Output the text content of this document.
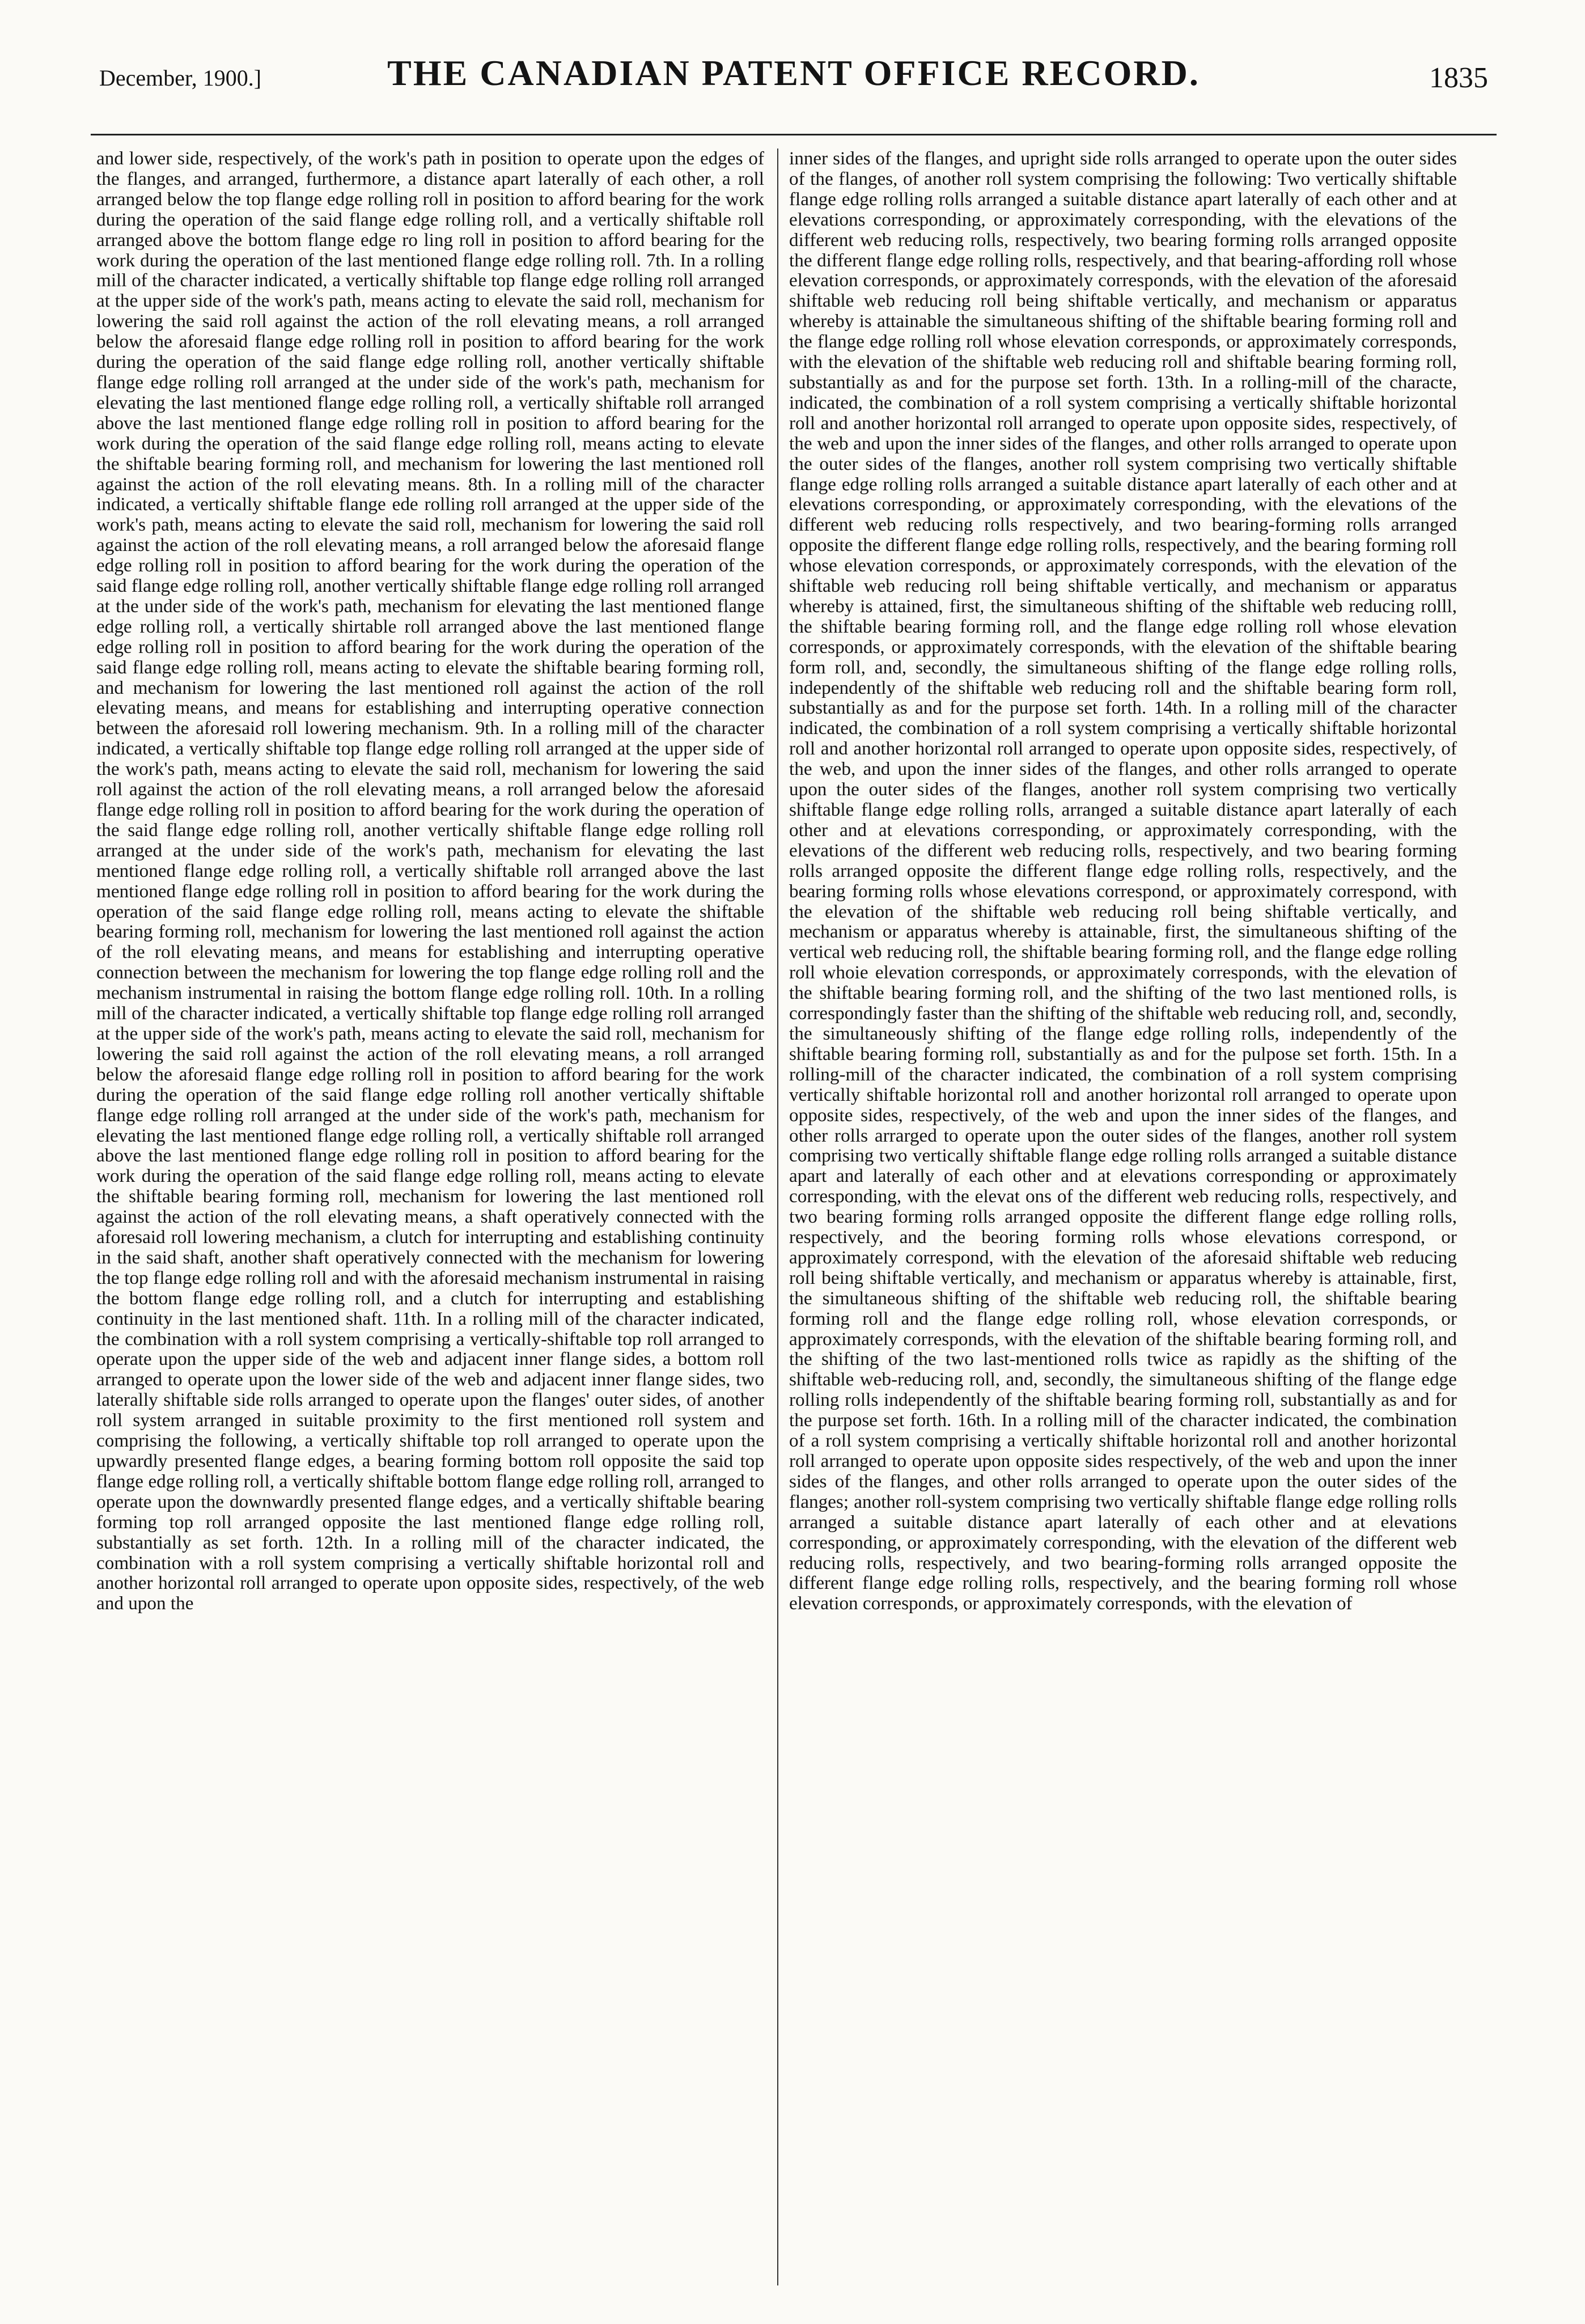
December, 1900.]	THE CANADIAN PATENT OFFICE RECORD.	1835

and lower side, respectively, of the work's path in position to operate upon the edges of the flanges, and arranged, furthermore, a distance apart laterally of each other, a roll arranged below the top flange edge rolling roll in position to afford bearing for the work during the operation of the said flange edge rolling roll, and a vertically shiftable roll arranged above the bottom flange edge ro ling roll in position to afford bearing for the work during the operation of the last mentioned flange edge rolling roll. 7th. In a rolling mill of the character indicated, a vertically shiftable top flange edge rolling roll arranged at the upper side of the work's path, means acting to elevate the said roll, mechanism for lowering the said roll against the action of the roll elevating means, a roll arranged below the aforesaid flange edge rolling roll in position to afford bearing for the work during the operation of the said flange edge rolling roll, another vertically shiftable flange edge rolling roll arranged at the under side of the work's path, mechanism for elevating the last mentioned flange edge rolling roll, a vertically shiftable roll arranged above the last mentioned flange edge rolling roll in position to afford bearing for the work during the operation of the said flange edge rolling roll, means acting to elevate the shiftable bearing forming roll, and mechanism for lowering the last mentioned roll against the action of the roll elevating means. 8th. In a rolling mill of the character indicated, a vertically shiftable flange ede rolling roll arranged at the upper side of the work's path, means acting to elevate the said roll, mechanism for lowering the said roll against the action of the roll elevating means, a roll arranged below the aforesaid flange edge rolling roll in position to afford bearing for the work during the operation of the said flange edge rolling roll, another vertically shiftable flange edge rolling roll arranged at the under side of the work's path, mechanism for elevating the last mentioned flange edge rolling roll, a vertically shirtable roll arranged above the last mentioned flange edge rolling roll in position to afford bearing for the work during the operation of the said flange edge rolling roll, means acting to elevate the shiftable bearing forming roll, and mechanism for lowering the last mentioned roll against the action of the roll elevating means, and means for establishing and interrupting operative connection between the aforesaid roll lowering mechanism. 9th. In a rolling mill of the character indicated, a vertically shiftable top flange edge rolling roll arranged at the upper side of the work's path, means acting to elevate the said roll, mechanism for lowering the said roll against the action of the roll elevating means, a roll arranged below the aforesaid flange edge rolling roll in position to afford bearing for the work during the operation of the said flange edge rolling roll, another vertically shiftable flange edge rolling roll arranged at the under side of the work's path, mechanism for elevating the last mentioned flange edge rolling roll, a vertically shiftable roll arranged above the last mentioned flange edge rolling roll in position to afford bearing for the work during the operation of the said flange edge rolling roll, means acting to elevate the shiftable bearing forming roll, mechanism for lowering the last mentioned roll against the action of the roll elevating means, and means for establishing and interrupting operative connection between the mechanism for lowering the top flange edge rolling roll and the mechanism instrumental in raising the bottom flange edge rolling roll. 10th. In a rolling mill of the character indicated, a vertically shiftable top flange edge rolling roll arranged at the upper side of the work's path, means acting to elevate the said roll, mechanism for lowering the said roll against the action of the roll elevating means, a roll arranged below the aforesaid flange edge rolling roll in position to afford bearing for the work during the operation of the said flange edge rolling roll another vertically shiftable flange edge rolling roll arranged at the under side of the work's path, mechanism for elevating the last mentioned flange edge rolling roll, a vertically shiftable roll arranged above the last mentioned flange edge rolling roll in position to afford bearing for the work during the operation of the said flange edge rolling roll, means acting to elevate the shiftable bearing forming roll, mechanism for lowering the last mentioned roll against the action of the roll elevating means, a shaft operatively connected with the aforesaid roll lowering mechanism, a clutch for interrupting and establishing continuity in the said shaft, another shaft operatively connected with the mechanism for lowering the top flange edge rolling roll and with the aforesaid mechanism instrumental in raising the bottom flange edge rolling roll, and a clutch for interrupting and establishing continuity in the last mentioned shaft. 11th. In a rolling mill of the character indicated, the combination with a roll system comprising a vertically-shiftable top roll arranged to operate upon the upper side of the web and adjacent inner flange sides, a bottom roll arranged to operate upon the lower side of the web and adjacent inner flange sides, two laterally shiftable side rolls arranged to operate upon the flanges' outer sides, of another roll system arranged in suitable proximity to the first mentioned roll system and comprising the following, a vertically shiftable top roll arranged to operate upon the upwardly presented flange edges, a bearing forming bottom roll opposite the said top flange edge rolling roll, a vertically shiftable bottom flange edge rolling roll, arranged to operate upon the downwardly presented flange edges, and a vertically shiftable bearing forming top roll arranged opposite the last mentioned flange edge rolling roll, substantially as set forth. 12th. In a rolling mill of the character indicated, the combination with a roll system comprising a vertically shiftable horizontal roll and another horizontal roll arranged to operate upon opposite sides, respectively, of the web and upon the

inner sides of the flanges, and upright side rolls arranged to operate upon the outer sides of the flanges, of another roll system comprising the following: Two vertically shiftable flange edge rolling rolls arranged a suitable distance apart laterally of each other and at elevations corresponding, or approximately corresponding, with the elevations of the different web reducing rolls, respectively, two bearing forming rolls arranged opposite the different flange edge rolling rolls, respectively, and that bearing-affording roll whose elevation corresponds, or approximately corresponds, with the elevation of the aforesaid shiftable web reducing roll being shiftable vertically, and mechanism or apparatus whereby is attainable the simultaneous shifting of the shiftable bearing forming roll and the flange edge rolling roll whose elevation corresponds, or approximately corresponds, with the elevation of the shiftable web reducing roll and shiftable bearing forming roll, substantially as and for the purpose set forth. 13th. In a rolling-mill of the characte, indicated, the combination of a roll system comprising a vertically shiftable horizontal roll and another horizontal roll arranged to operate upon opposite sides, respectively, of the web and upon the inner sides of the flanges, and other rolls arranged to operate upon the outer sides of the flanges, another roll system comprising two vertically shiftable flange edge rolling rolls arranged a suitable distance apart laterally of each other and at elevations corresponding, or approximately corresponding, with the elevations of the different web reducing rolls respectively, and two bearing-forming rolls arranged opposite the different flange edge rolling rolls, respectively, and the bearing forming roll whose elevation corresponds, or approximately corresponds, with the elevation of the shiftable web reducing roll being shiftable vertically, and mechanism or apparatus whereby is attained, first, the simultaneous shifting of the shiftable web reducing rolll, the shiftable bearing forming roll, and the flange edge rolling roll whose elevation corresponds, or approximately corresponds, with the elevation of the shiftable bearing form roll, and, secondly, the simultaneous shifting of the flange edge rolling rolls, independently of the shiftable web reducing roll and the shiftable bearing form roll, substantially as and for the purpose set forth. 14th. In a rolling mill of the character indicated, the combination of a roll system comprising a vertically shiftable horizontal roll and another horizontal roll arranged to operate upon opposite sides, respectively, of the web, and upon the inner sides of the flanges, and other rolls arranged to operate upon the outer sides of the flanges, another roll system comprising two vertically shiftable flange edge rolling rolls, arranged a suitable distance apart laterally of each other and at elevations corresponding, or approximately corresponding, with the elevations of the different web reducing rolls, respectively, and two bearing forming rolls arranged opposite the different flange edge rolling rolls, respectively, and the bearing forming rolls whose elevations correspond, or approximately correspond, with the elevation of the shiftable web reducing roll being shiftable vertically, and mechanism or apparatus whereby is attainable, first, the simultaneous shifting of the vertical web reducing roll, the shiftable bearing forming roll, and the flange edge rolling roll whoie elevation corresponds, or approximately corresponds, with the elevation of the shiftable bearing forming roll, and the shifting of the two last mentioned rolls, is correspondingly faster than the shifting of the shiftable web reducing roll, and, secondly, the simultaneously shifting of the flange edge rolling rolls, independently of the shiftable bearing forming roll, substantially as and for the pulpose set forth. 15th. In a rolling-mill of the character indicated, the combination of a roll system comprising vertically shiftable horizontal roll and another horizontal roll arranged to operate upon opposite sides, respectively, of the web and upon the inner sides of the flanges, and other rolls arrarged to operate upon the outer sides of the flanges, another roll system comprising two vertically shiftable flange edge rolling rolls arranged a suitable distance apart and laterally of each other and at elevations corresponding or approximately corresponding, with the elevat ons of the different web reducing rolls, respectively, and two bearing forming rolls arranged opposite the different flange edge rolling rolls, respectively, and the beoring forming rolls whose elevations correspond, or approximately correspond, with the elevation of the aforesaid shiftable web reducing roll being shiftable vertically, and mechanism or apparatus whereby is attainable, first, the simultaneous shifting of the shiftable web reducing roll, the shiftable bearing forming roll and the flange edge rolling roll, whose elevation corresponds, or approximately corresponds, with the elevation of the shiftable bearing forming roll, and the shifting of the two last-mentioned rolls twice as rapidly as the shifting of the shiftable web-reducing roll, and, secondly, the simultaneous shifting of the flange edge rolling rolls independently of the shiftable bearing forming roll, substantially as and for the purpose set forth. 16th. In a rolling mill of the character indicated, the combination of a roll system comprising a vertically shiftable horizontal roll and another horizontal roll arranged to operate upon opposite sides respectively, of the web and upon the inner sides of the flanges, and other rolls arranged to operate upon the outer sides of the flanges; another roll-system comprising two vertically shiftable flange edge rolling rolls arranged a suitable distance apart laterally of each other and at elevations corresponding, or approximately corresponding, with the elevation of the different web reducing rolls, respectively, and two bearing-forming rolls arranged opposite the different flange edge rolling rolls, respectively, and the bearing forming roll whose elevation corresponds, or approximately corresponds, with the elevation of
